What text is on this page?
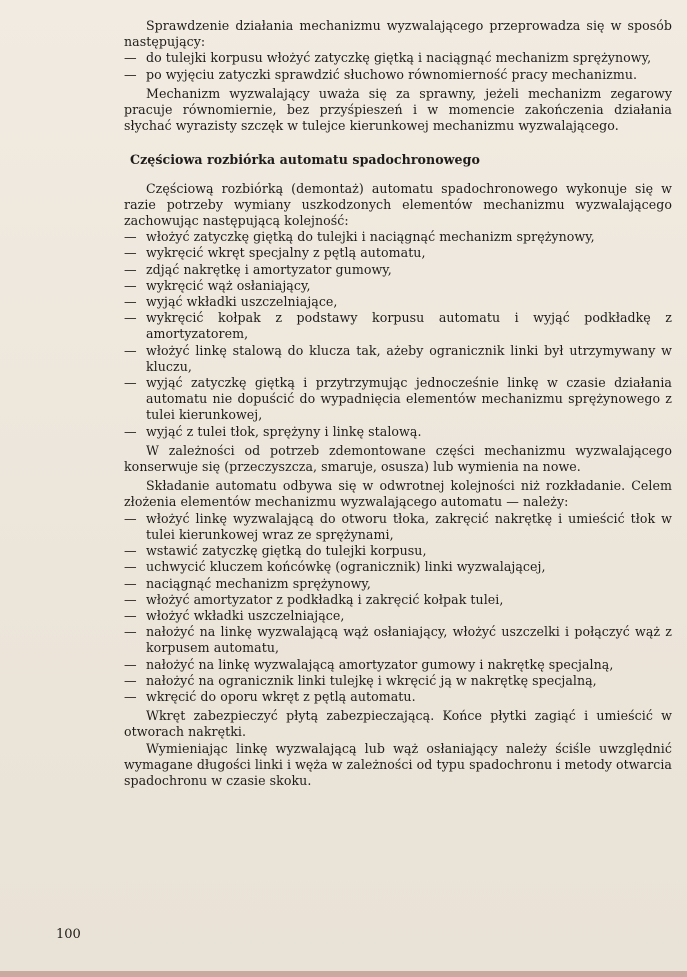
Sprawdzenie działania mechanizmu wyzwalającego przeprowadza się w sposób następujący:

— do tulejki korpusu włożyć zatyczkę giętką i naciągnąć mechanizm sprężynowy,
— po wyjęciu zatyczki sprawdzić słuchowo równomierność pracy mechanizmu.

Mechanizm wyzwalający uważa się za sprawny, jeżeli mechanizm zegarowy pracuje równomiernie, bez przyśpieszeń i w momencie zakończenia działania słychać wyrazisty szczęk w tulejce kierunkowej mechanizmu wyzwalającego.

Częściowa rozbiórka automatu spadochronowego

Częściową rozbiórką (demontaż) automatu spadochronowego wykonuje się w razie potrzeby wymiany uszkodzonych elementów mechanizmu wyzwalającego zachowując następującą kolejność:

— włożyć zatyczkę giętką do tulejki i naciągnąć mechanizm sprężynowy,
— wykręcić wkręt specjalny z pętlą automatu,
— zdjąć nakrętkę i amortyzator gumowy,
— wykręcić wąż osłaniający,
— wyjąć wkładki uszczelniające,
— wykręcić kołpak z podstawy korpusu automatu i wyjąć podkładkę z amortyzatorem,
— włożyć linkę stalową do klucza tak, ażeby ogranicznik linki był utrzymywany w kluczu,
— wyjąć zatyczkę giętką i przytrzymując jednocześnie linkę w czasie działania automatu nie dopuścić do wypadnięcia elementów mechanizmu sprężynowego z tulei kierunkowej,
— wyjąć z tulei tłok, sprężyny i linkę stalową.

W zależności od potrzeb zdemontowane części mechanizmu wyzwalającego konserwuje się (przeczyszcza, smaruje, osusza) lub wymienia na nowe.

Składanie automatu odbywa się w odwrotnej kolejności niż rozkładanie. Celem złożenia elementów mechanizmu wyzwalającego automatu — należy:

— włożyć linkę wyzwalającą do otworu tłoka, zakręcić nakrętkę i umieścić tłok w tulei kierunkowej wraz ze sprężynami,
— wstawić zatyczkę giętką do tulejki korpusu,
— uchwycić kluczem końcówkę (ogranicznik) linki wyzwalającej,
— naciągnąć mechanizm sprężynowy,
— włożyć amortyzator z podkładką i zakręcić kołpak tulei,
— włożyć wkładki uszczelniające,
— nałożyć na linkę wyzwalającą wąż osłaniający, włożyć uszczelki i połączyć wąż z korpusem automatu,
— nałożyć na linkę wyzwalającą amortyzator gumowy i nakrętkę specjalną,
— nałożyć na ogranicznik linki tulejkę i wkręcić ją w nakrętkę specjalną,
— wkręcić do oporu wkręt z pętlą automatu.

Wkręt zabezpieczyć płytą zabezpieczającą. Końce płytki zagiąć i umieścić w otworach nakrętki.

Wymieniając linkę wyzwalającą lub wąż osłaniający należy ściśle uwzględnić wymagane długości linki i węża w zależności od typu spadochronu i metody otwarcia spadochronu w czasie skoku.

100
